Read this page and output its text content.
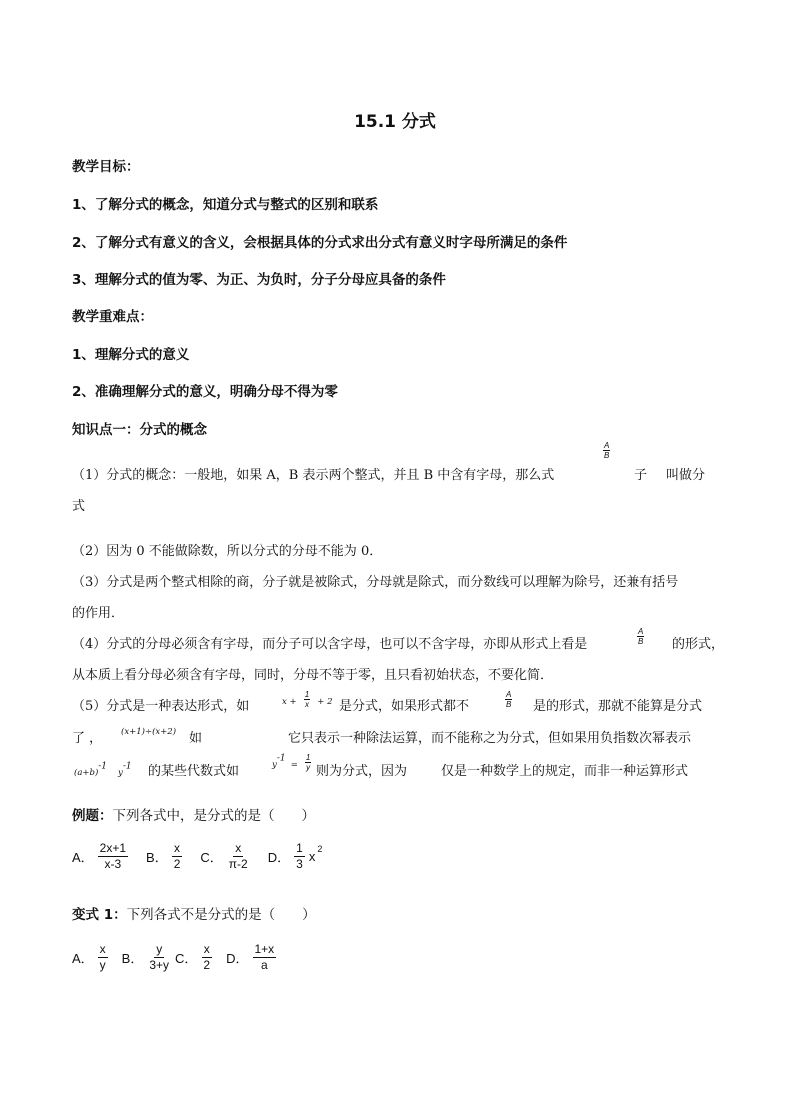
15.1 分式
教学目标：
1、了解分式的概念，知道分式与整式的区别和联系
2、了解分式有意义的含义，会根据具体的分式求出分式有意义时字母所满足的条件
3、理解分式的值为零、为正、为负时，分子分母应具备的条件
教学重难点：
1、理解分式的意义
2、准确理解分式的意义，明确分母不得为零
知识点一：分式的概念
（1）分式的概念：一般地，如果 A，B 表示两个整式，并且 B 中含有字母，那么式
$\frac{A}{B}$
子 叫做分
式
（2）因为 0 不能做除数，所以分式的分母不能为 0．
（3）分式是两个整式相除的商，分子就是被除式，分母就是除式，而分数线可以理解为除号，还兼有括号
的作用．
（4）分式的分母必须含有字母，而分子可以含字母，也可以不含字母，亦即从形式上看是	$\frac{A}{B}$ 的形式，
从本质上看分母必须含有字母，同时，分母不等于零，且只看初始状态，不要化简．
（5）分式是一种表达形式，如	$x + \frac{1}{x} + 2$ 是分式，如果形式都不	$\frac{A}{B}$ 是的形式，那就不能算是分式
了 ， (x+1)÷(x+2) 如	它只表示一种除法运算，而不能称之为分式，但如果用负指数次幂表示
$(a+b)^{-1}$
$y^{-1}$ 的某些代数式如	$y^{-1} = \frac{1}{y}$ 则为分式，因为	仅是一种数学上的规定，而非一种运算形式
例题：下列各式中，是分式的是（　　）
A． $\frac{2x+1}{x-3}$ B． $\frac{x}{2}$ C． $\frac{x}{\pi-2}$ D． $\frac{1}{3}$ x
2
变式 1：下列各式不是分式的是（　　）
A． $\frac{x}{y}$ B． $\frac{y}{3+y}$ C． $\frac{x}{2}$ D． $\frac{1+x}{a}$
